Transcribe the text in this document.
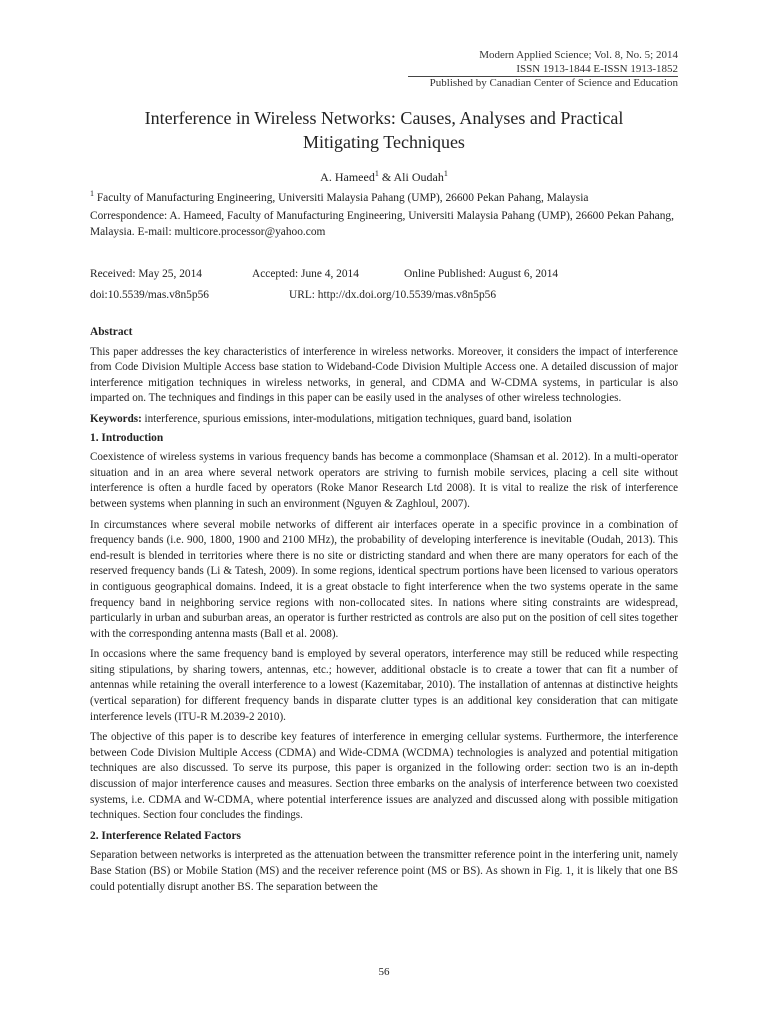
Modern Applied Science; Vol. 8, No. 5; 2014
ISSN 1913-1844 E-ISSN 1913-1852
Published by Canadian Center of Science and Education
Interference in Wireless Networks: Causes, Analyses and Practical
Mitigating Techniques
A. Hameed$^1$ & Ali Oudah$^1$
$^1$ Faculty of Manufacturing Engineering, Universiti Malaysia Pahang (UMP), 26600 Pekan Pahang, Malaysia
Correspondence: A. Hameed, Faculty of Manufacturing Engineering, Universiti Malaysia Pahang (UMP), 26600 Pekan Pahang, Malaysia. E-mail: multicore.processor@yahoo.com
Received: May 25, 2014	Accepted: June 4, 2014	Online Published: August 6, 2014
doi:10.5539/mas.v8n5p56	URL: http://dx.doi.org/10.5539/mas.v8n5p56
Abstract

This paper addresses the key characteristics of interference in wireless networks. Moreover, it considers the impact of interference from Code Division Multiple Access base station to Wideband-Code Division Multiple Access one. A detailed discussion of major interference mitigation techniques in wireless networks, in general, and CDMA and W-CDMA systems, in particular is also imparted on. The techniques and findings in this paper can be easily used in the analyses of other wireless technologies.

Keywords: interference, spurious emissions, inter-modulations, mitigation techniques, guard band, isolation

1. Introduction

Coexistence of wireless systems in various frequency bands has become a commonplace (Shamsan et al. 2012). In a multi-operator situation and in an area where several network operators are striving to furnish mobile services, placing a cell site without interference is often a hurdle faced by operators (Roke Manor Research Ltd 2008). It is vital to realize the risk of interference between systems when planning in such an environment (Nguyen & Zaghloul, 2007).

In circumstances where several mobile networks of different air interfaces operate in a specific province in a combination of frequency bands (i.e. 900, 1800, 1900 and 2100 MHz), the probability of developing interference is inevitable (Oudah, 2013). This end-result is blended in territories where there is no site or districting standard and when there are many operators for each of the reserved frequency bands (Li & Tatesh, 2009). In some regions, identical spectrum portions have been licensed to various operators in contiguous geographical domains. Indeed, it is a great obstacle to fight interference when the two systems operate in the same frequency band in neighboring service regions with non-collocated sites. In nations where siting constraints are widespread, particularly in urban and suburban areas, an operator is further restricted as controls are also put on the position of cell sites together with the corresponding antenna masts (Ball et al. 2008).

In occasions where the same frequency band is employed by several operators, interference may still be reduced while respecting siting stipulations, by sharing towers, antennas, etc.; however, additional obstacle is to create a tower that can fit a number of antennas while retaining the overall interference to a lowest (Kazemitabar, 2010). The installation of antennas at distinctive heights (vertical separation) for different frequency bands in disparate clutter types is an additional key consideration that can mitigate interference levels (ITU-R M.2039-2 2010).

The objective of this paper is to describe key features of interference in emerging cellular systems. Furthermore, the interference between Code Division Multiple Access (CDMA) and Wide-CDMA (WCDMA) technologies is analyzed and potential mitigation techniques are also discussed. To serve its purpose, this paper is organized in the following order: section two is an in-depth discussion of major interference causes and measures. Section three embarks on the analysis of interference between two coexisted systems, i.e. CDMA and W-CDMA, where potential interference issues are analyzed and discussed along with possible mitigation techniques. Section four concludes the findings.

2. Interference Related Factors

Separation between networks is interpreted as the attenuation between the transmitter reference point in the interfering unit, namely Base Station (BS) or Mobile Station (MS) and the receiver reference point (MS or BS). As shown in Fig. 1, it is likely that one BS could potentially disrupt another BS. The separation between the

56
